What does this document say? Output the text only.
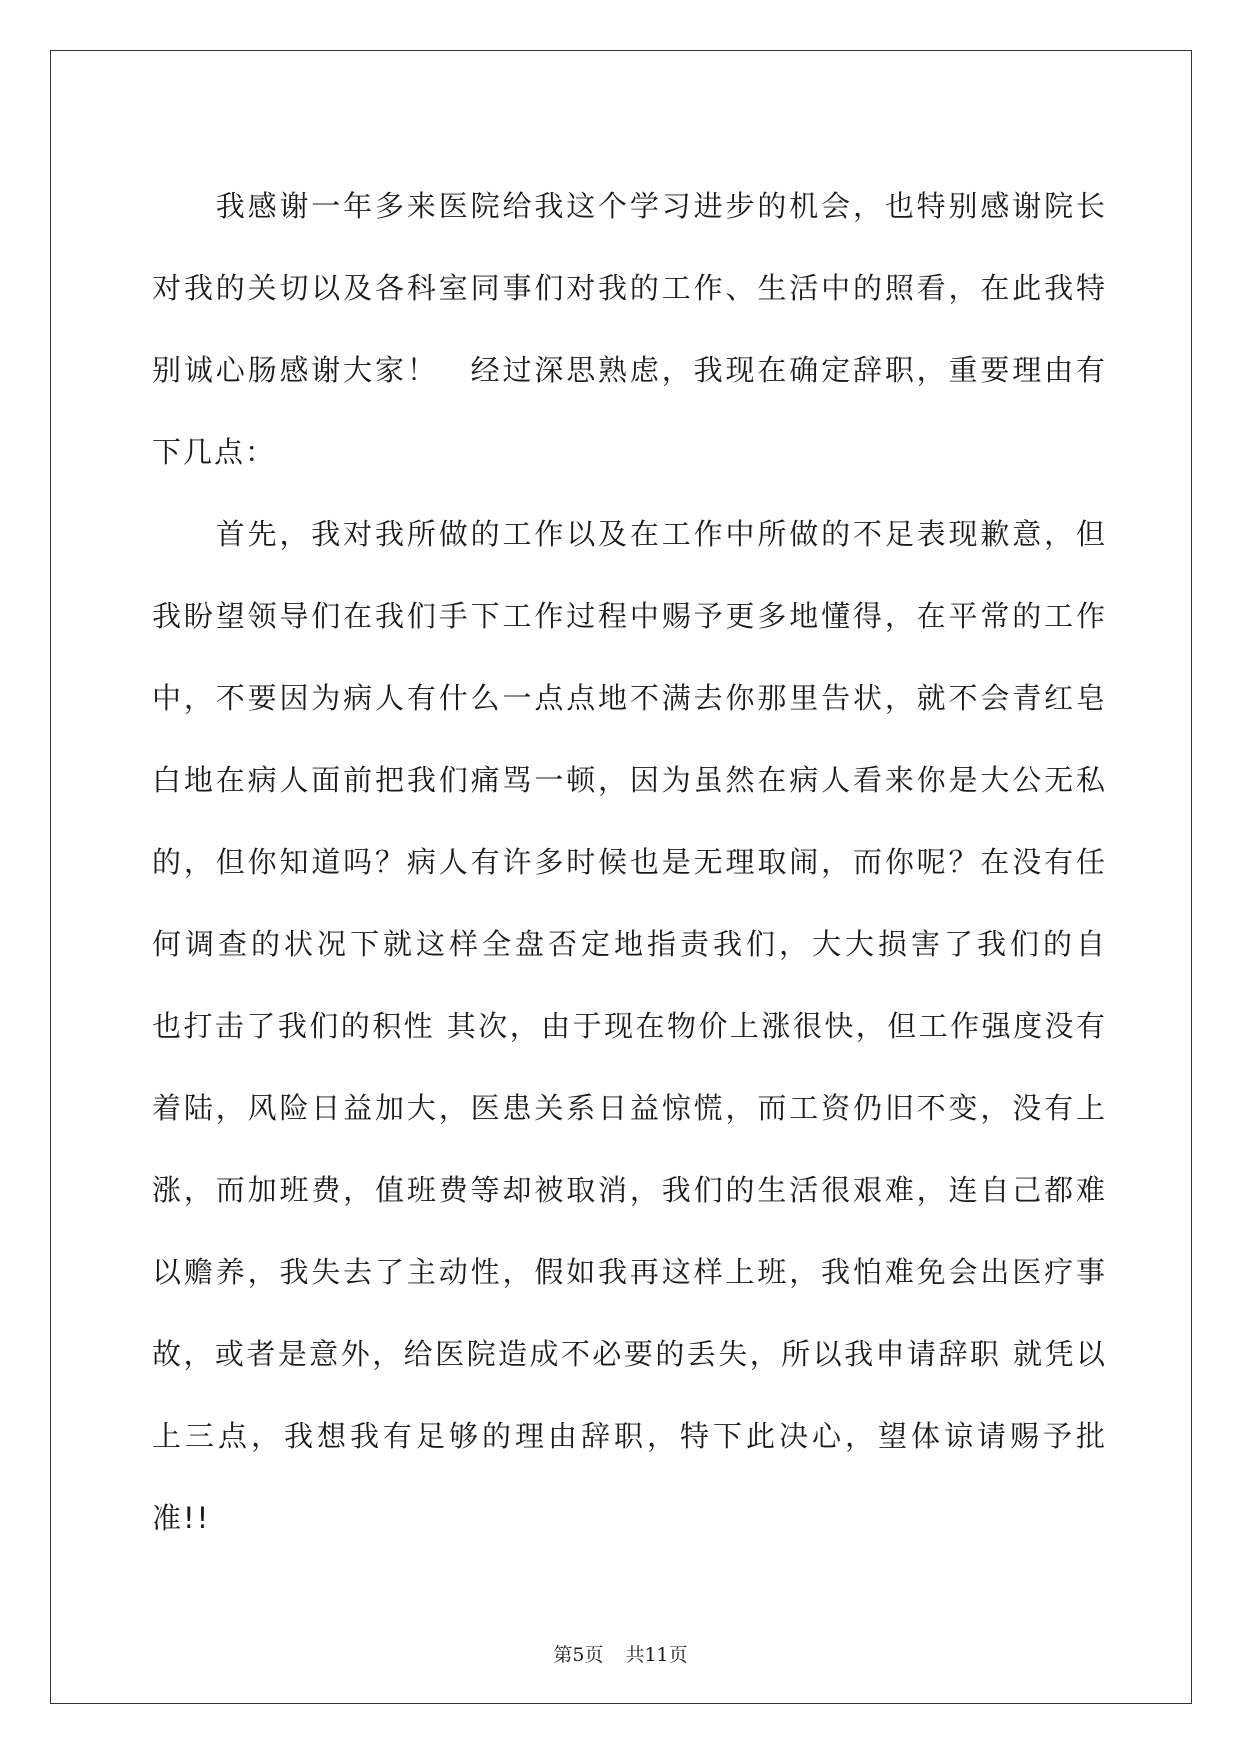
　　我感谢一年多来医院给我这个学习进步的机会，也特别感谢院长
对我的关切以及各科室同事们对我的工作、生活中的照看，在此我特
别诚心肠感谢大家！　经过深思熟虑，我现在确定辞职，重要理由有
下几点：
　　首先，我对我所做的工作以及在工作中所做的不足表现歉意，但
我盼望领导们在我们手下工作过程中赐予更多地懂得，在平常的工作
中，不要因为病人有什么一点点地不满去你那里告状，就不会青红皂
白地在病人面前把我们痛骂一顿，因为虽然在病人看来你是大公无私
的，但你知道吗？病人有许多时候也是无理取闹，而你呢？在没有任
何调查的状况下就这样全盘否定地指责我们，大大损害了我们的自
也打击了我们的积性 其次，由于现在物价上涨很快，但工作强度没有
着陆，风险日益加大，医患关系日益惊慌，而工资仍旧不变，没有上
涨，而加班费，值班费等却被取消，我们的生活很艰难，连自己都难
以赡养，我失去了主动性，假如我再这样上班，我怕难免会出医疗事
故，或者是意外，给医院造成不必要的丢失，所以我申请辞职 就凭以
上三点，我想我有足够的理由辞职，特下此决心，望体谅请赐予批
准!!
第5页 共11页
